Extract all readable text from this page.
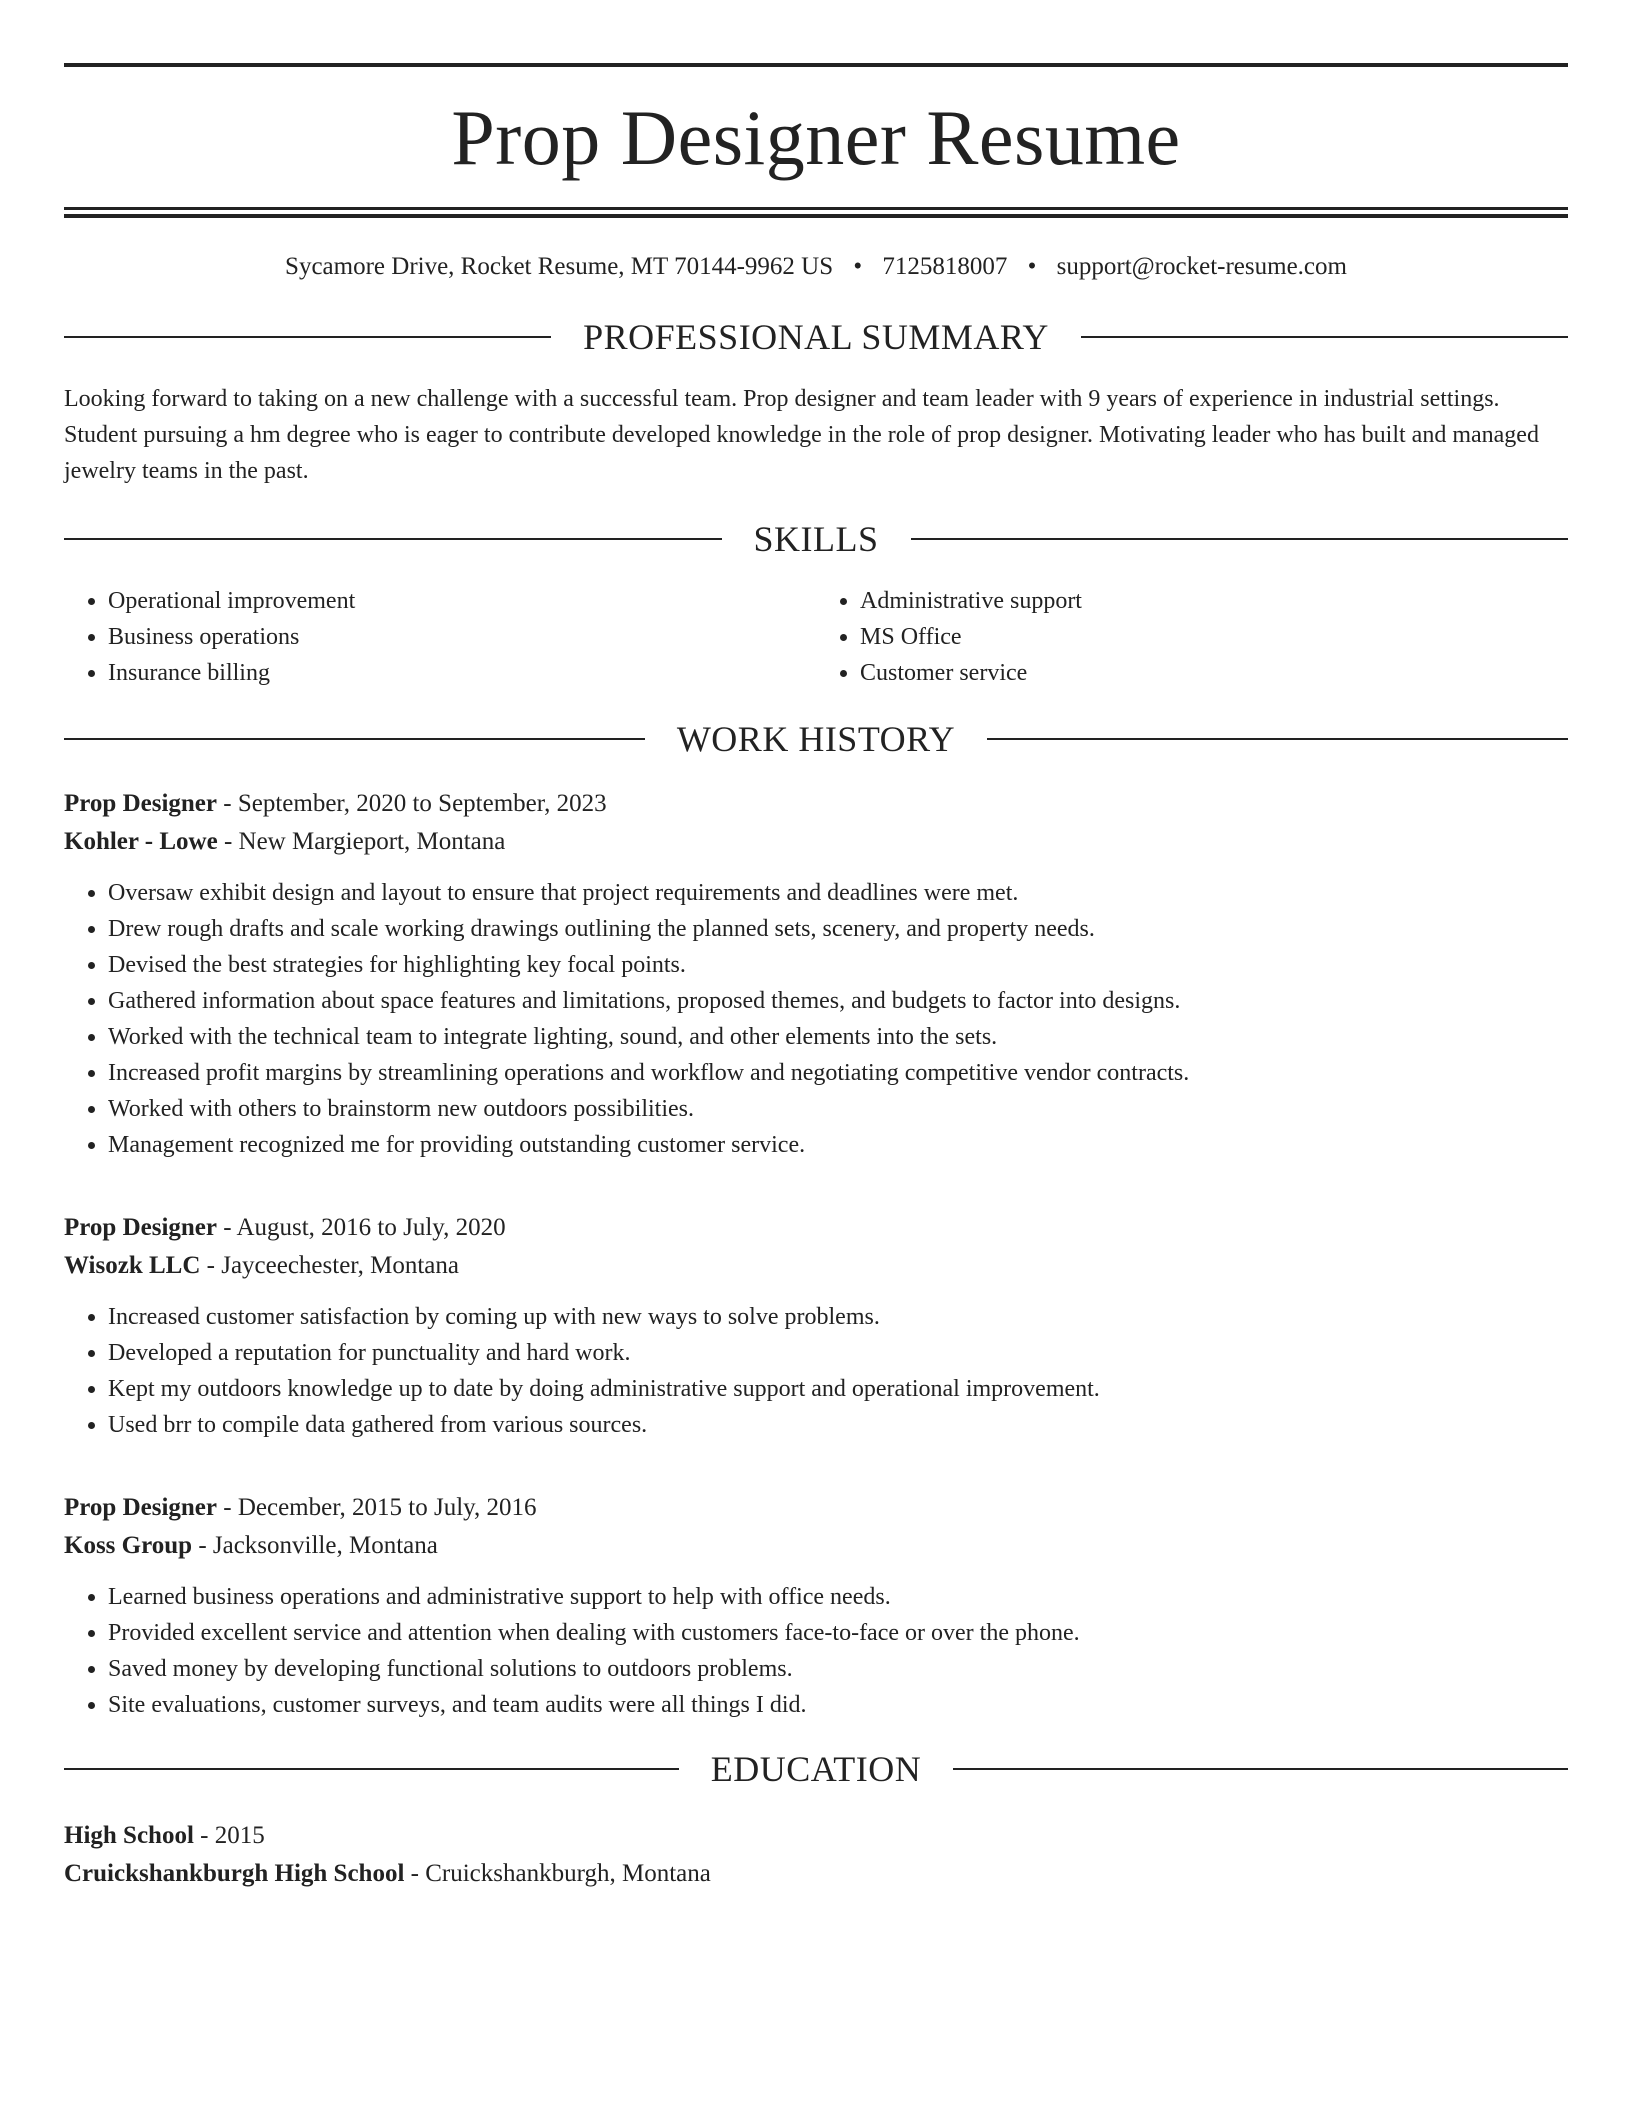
Prop Designer Resume
Sycamore Drive, Rocket Resume, MT 70144-9962 US • 7125818007 • support@rocket-resume.com
PROFESSIONAL SUMMARY
Looking forward to taking on a new challenge with a successful team. Prop designer and team leader with 9 years of experience in industrial settings. Student pursuing a hm degree who is eager to contribute developed knowledge in the role of prop designer. Motivating leader who has built and managed jewelry teams in the past.
SKILLS
• Operational improvement
• Business operations
• Insurance billing
• Administrative support
• MS Office
• Customer service
WORK HISTORY
Prop Designer - September, 2020 to September, 2023
Kohler - Lowe - New Margieport, Montana
• Oversaw exhibit design and layout to ensure that project requirements and deadlines were met.
• Drew rough drafts and scale working drawings outlining the planned sets, scenery, and property needs.
• Devised the best strategies for highlighting key focal points.
• Gathered information about space features and limitations, proposed themes, and budgets to factor into designs.
• Worked with the technical team to integrate lighting, sound, and other elements into the sets.
• Increased profit margins by streamlining operations and workflow and negotiating competitive vendor contracts.
• Worked with others to brainstorm new outdoors possibilities.
• Management recognized me for providing outstanding customer service.
Prop Designer - August, 2016 to July, 2020
Wisozk LLC - Jayceechester, Montana
• Increased customer satisfaction by coming up with new ways to solve problems.
• Developed a reputation for punctuality and hard work.
• Kept my outdoors knowledge up to date by doing administrative support and operational improvement.
• Used brr to compile data gathered from various sources.
Prop Designer - December, 2015 to July, 2016
Koss Group - Jacksonville, Montana
• Learned business operations and administrative support to help with office needs.
• Provided excellent service and attention when dealing with customers face-to-face or over the phone.
• Saved money by developing functional solutions to outdoors problems.
• Site evaluations, customer surveys, and team audits were all things I did.
EDUCATION
High School - 2015
Cruickshankburgh High School - Cruickshankburgh, Montana
